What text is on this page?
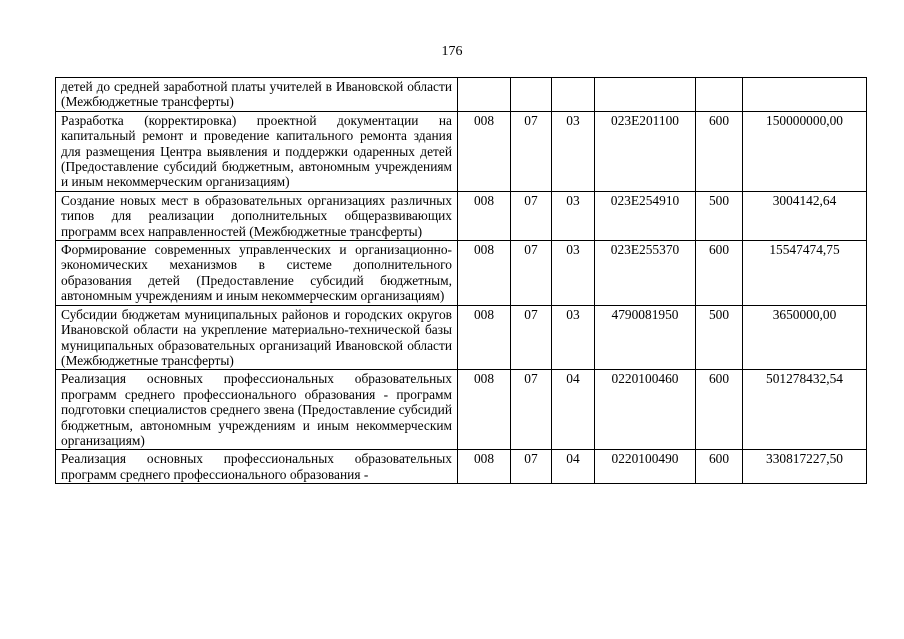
176
детей до средней заработной платы учителей в Ивановской области (Межбюджетные трансферты)						
Разработка (корректировка) проектной документации на капитальный ремонт и проведение капитального ремонта здания для размещения Центра выявления и поддержки одаренных детей (Предоставление субсидий бюджетным, автономным учреждениям и иным некоммерческим организациям)	008	07	03	023E201100	600	150000000,00
Создание новых мест в образовательных организациях различных типов для реализации дополнительных общеразвивающих программ всех направленностей (Межбюджетные трансферты)	008	07	03	023E254910	500	3004142,64
Формирование современных управленческих и организационно-экономических механизмов в системе дополнительного образования детей (Предоставление субсидий бюджетным, автономным учреждениям и иным некоммерческим организациям)	008	07	03	023E255370	600	15547474,75
Субсидии бюджетам муниципальных районов и городских округов Ивановской области на укрепление материально-технической базы муниципальных образовательных организаций Ивановской области (Межбюджетные трансферты)	008	07	03	4790081950	500	3650000,00
Реализация основных профессиональных образовательных программ среднего профессионального образования - программ подготовки специалистов среднего звена (Предоставление субсидий бюджетным, автономным учреждениям и иным некоммерческим организациям)	008	07	04	0220100460	600	501278432,54
Реализация основных профессиональных образовательных программ среднего профессионального образования -	008	07	04	0220100490	600	330817227,50
